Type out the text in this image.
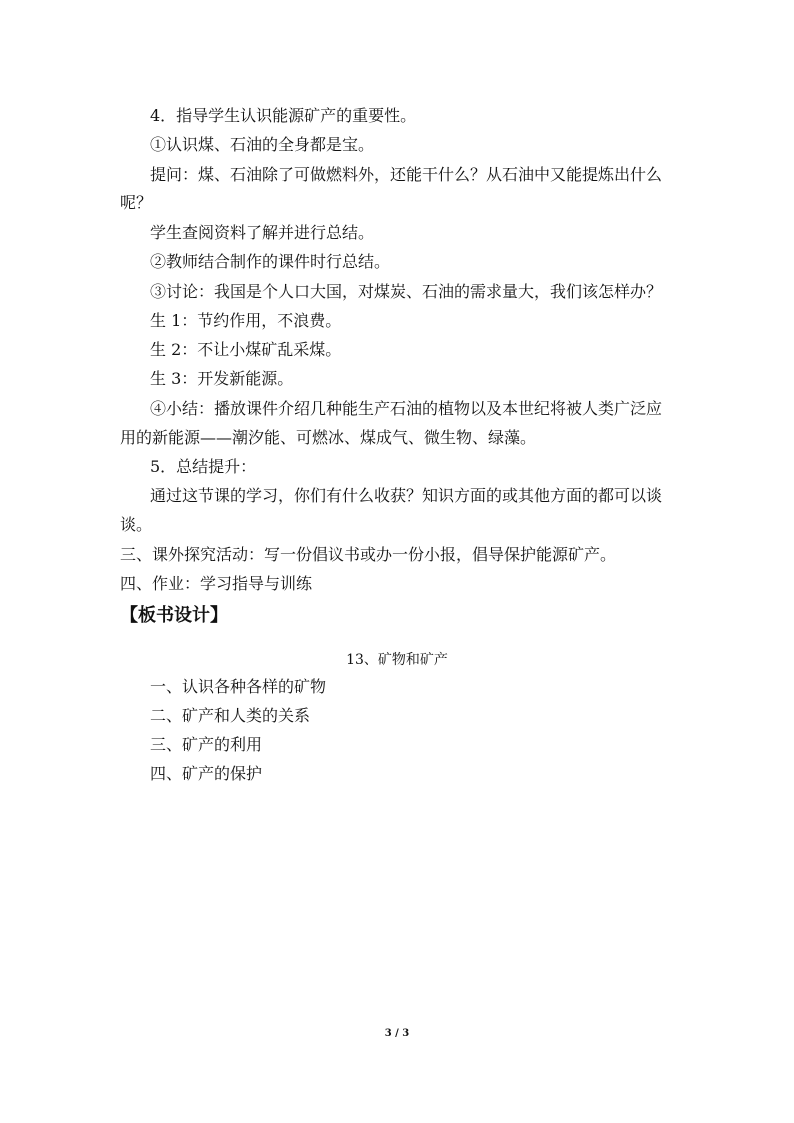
4．指导学生认识能源矿产的重要性。
①认识煤、石油的全身都是宝。
提问：煤、石油除了可做燃料外，还能干什么？从石油中又能提炼出什么
呢？
学生查阅资料了解并进行总结。
②教师结合制作的课件时行总结。
③讨论：我国是个人口大国，对煤炭、石油的需求量大，我们该怎样办？
生 1：节约作用，不浪费。
生 2：不让小煤矿乱采煤。
生 3：开发新能源。
④小结：播放课件介绍几种能生产石油的植物以及本世纪将被人类广泛应
用的新能源——潮汐能、可燃冰、煤成气、微生物、绿藻。
5．总结提升：
通过这节课的学习，你们有什么收获？知识方面的或其他方面的都可以谈
谈。
三、课外探究活动：写一份倡议书或办一份小报，倡导保护能源矿产。
四、作业：学习指导与训练
【板书设计】
13、矿物和矿产
一、认识各种各样的矿物
二、矿产和人类的关系
三、矿产的利用
四、矿产的保护
3 / 3
